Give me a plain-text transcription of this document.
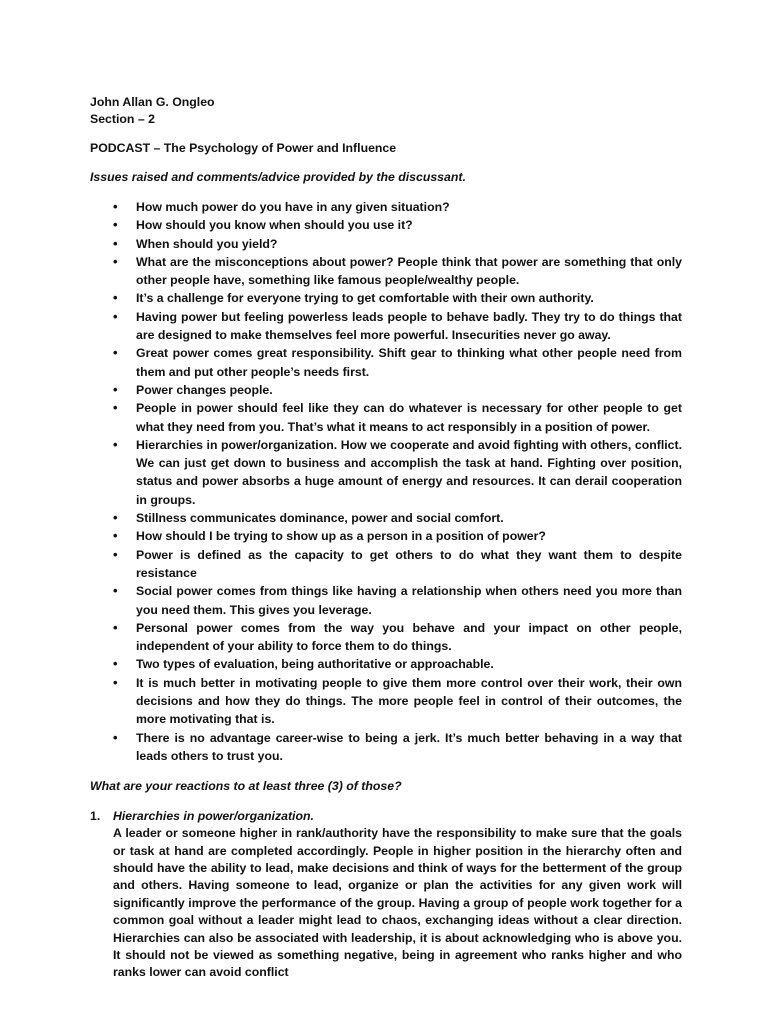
John Allan G. Ongleo

Section – 2

PODCAST – The Psychology of Power and Influence

Issues raised and comments/advice provided by the discussant.

• How much power do you have in any given situation?
• How should you know when should you use it?
• When should you yield?
• What are the misconceptions about power? People think that power are something that only other people have, something like famous people/wealthy people.
• It’s a challenge for everyone trying to get comfortable with their own authority.
• Having power but feeling powerless leads people to behave badly. They try to do things that are designed to make themselves feel more powerful. Insecurities never go away.
• Great power comes great responsibility. Shift gear to thinking what other people need from them and put other people’s needs first.
• Power changes people.
• People in power should feel like they can do whatever is necessary for other people to get what they need from you. That’s what it means to act responsibly in a position of power.
• Hierarchies in power/organization. How we cooperate and avoid fighting with others, conflict. We can just get down to business and accomplish the task at hand. Fighting over position, status and power absorbs a huge amount of energy and resources. It can derail cooperation in groups.
• Stillness communicates dominance, power and social comfort.
• How should I be trying to show up as a person in a position of power?
• Power is defined as the capacity to get others to do what they want them to despite resistance
• Social power comes from things like having a relationship when others need you more than you need them. This gives you leverage.
• Personal power comes from the way you behave and your impact on other people, independent of your ability to force them to do things.
• Two types of evaluation, being authoritative or approachable.
• It is much better in motivating people to give them more control over their work, their own decisions and how they do things. The more people feel in control of their outcomes, the more motivating that is.
• There is no advantage career-wise to being a jerk. It’s much better behaving in a way that leads others to trust you.

What are your reactions to at least three (3) of those?

1. Hierarchies in power/organization.
A leader or someone higher in rank/authority have the responsibility to make sure that the goals or task at hand are completed accordingly. People in higher position in the hierarchy often and should have the ability to lead, make decisions and think of ways for the betterment of the group and others. Having someone to lead, organize or plan the activities for any given work will significantly improve the performance of the group. Having a group of people work together for a common goal without a leader might lead to chaos, exchanging ideas without a clear direction. Hierarchies can also be associated with leadership, it is about acknowledging who is above you. It should not be viewed as something negative, being in agreement who ranks higher and who ranks lower can avoid conflict
